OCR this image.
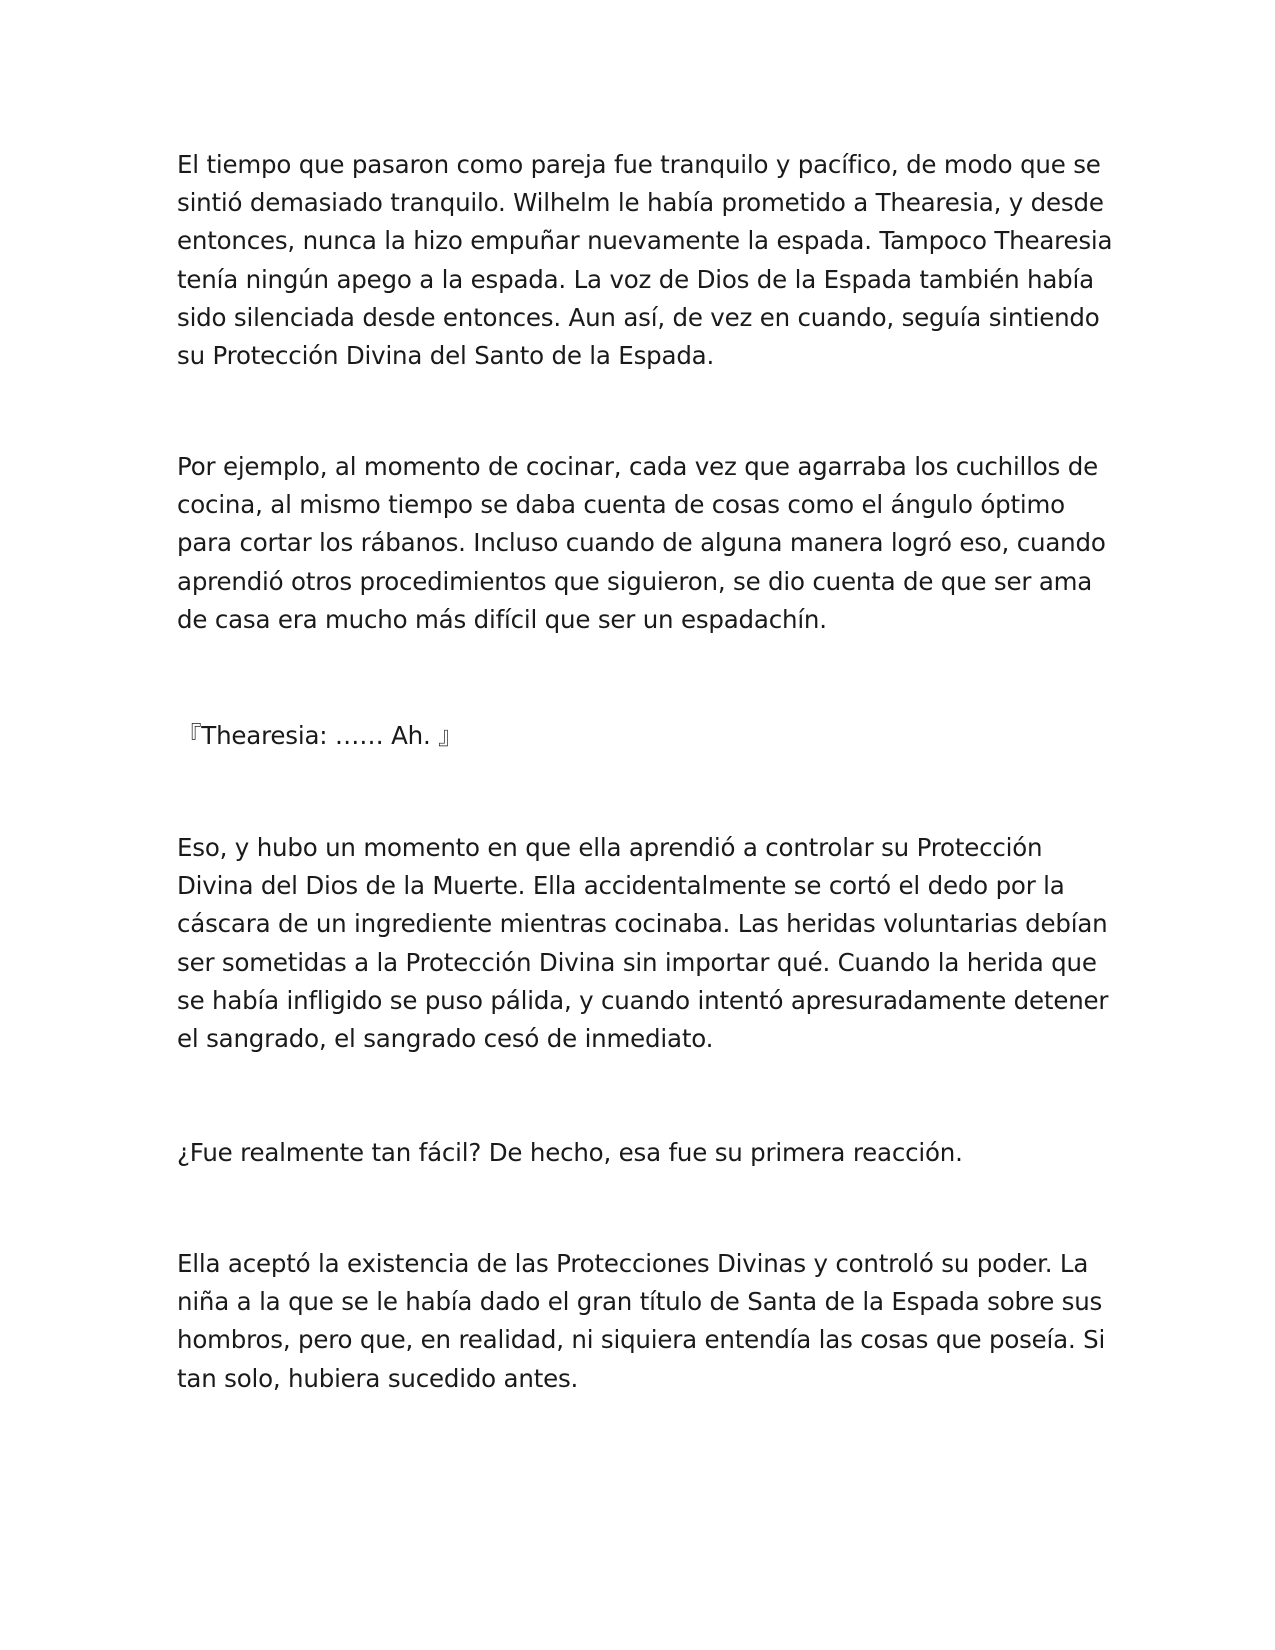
El tiempo que pasaron como pareja fue tranquilo y pacífico, de modo que se
sintió demasiado tranquilo. Wilhelm le había prometido a Thearesia, y desde
entonces, nunca la hizo empuñar nuevamente la espada. Tampoco Thearesia
tenía ningún apego a la espada. La voz de Dios de la Espada también había
sido silenciada desde entonces. Aun así, de vez en cuando, seguía sintiendo
su Protección Divina del Santo de la Espada.
Por ejemplo, al momento de cocinar, cada vez que agarraba los cuchillos de
cocina, al mismo tiempo se daba cuenta de cosas como el ángulo óptimo
para cortar los rábanos. Incluso cuando de alguna manera logró eso, cuando
aprendió otros procedimientos que siguieron, se dio cuenta de que ser ama
de casa era mucho más difícil que ser un espadachín.
『Thearesia: …… Ah. 』
Eso, y hubo un momento en que ella aprendió a controlar su Protección
Divina del Dios de la Muerte. Ella accidentalmente se cortó el dedo por la
cáscara de un ingrediente mientras cocinaba. Las heridas voluntarias debían
ser sometidas a la Protección Divina sin importar qué. Cuando la herida que
se había infligido se puso pálida, y cuando intentó apresuradamente detener
el sangrado, el sangrado cesó de inmediato.
¿Fue realmente tan fácil? De hecho, esa fue su primera reacción.
Ella aceptó la existencia de las Protecciones Divinas y controló su poder. La
niña a la que se le había dado el gran título de Santa de la Espada sobre sus
hombros, pero que, en realidad, ni siquiera entendía las cosas que poseía. Si
tan solo, hubiera sucedido antes.
